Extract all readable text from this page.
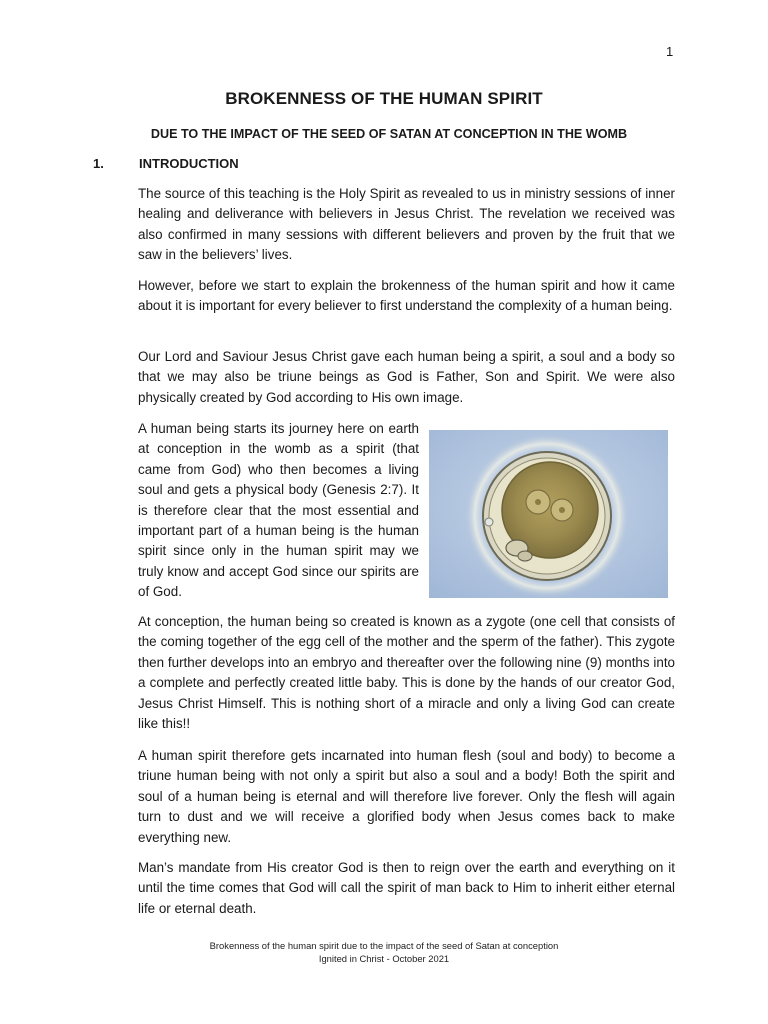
1
BROKENNESS OF THE HUMAN SPIRIT
DUE TO THE IMPACT OF THE SEED OF SATAN AT CONCEPTION IN THE WOMB
1.	INTRODUCTION

The source of this teaching is the Holy Spirit as revealed to us in ministry sessions of inner healing and deliverance with believers in Jesus Christ. The revelation we received was also confirmed in many sessions with different believers and proven by the fruit that we saw in the believers’ lives.

However, before we start to explain the brokenness of the human spirit and how it came about it is important for every believer to first understand the complexity of a human being.

Our Lord and Saviour Jesus Christ gave each human being a spirit, a soul and a body so that we may also be triune beings as God is Father, Son and Spirit. We were also physically created by God according to His own image.

A human being starts its journey here on earth at conception in the womb as a spirit (that came from God) who then becomes a living soul and gets a physical body (Genesis 2:7). It is therefore clear that the most essential and important part of a human being is the human spirit since only in the human spirit may we truly know and accept God since our spirits are of God.

At conception, the human being so created is known as a zygote (one cell that consists of the coming together of the egg cell of the mother and the sperm of the father). This zygote then further develops into an embryo and thereafter over the following nine (9) months into a complete and perfectly created little baby. This is done by the hands of our creator God, Jesus Christ Himself. This is nothing short of a miracle and only a living God can create like this!!

A human spirit therefore gets incarnated into human flesh (soul and body) to become a triune human being with not only a spirit but also a soul and a body! Both the spirit and soul of a human being is eternal and will therefore live forever. Only the flesh will again turn to dust and we will receive a glorified body when Jesus comes back to make everything new.

Man’s mandate from His creator God is then to reign over the earth and everything on it until the time comes that God will call the spirit of man back to Him to inherit either eternal life or eternal death.

Brokenness of the human spirit due to the impact of the seed of Satan at conception
Ignited in Christ - October 2021
